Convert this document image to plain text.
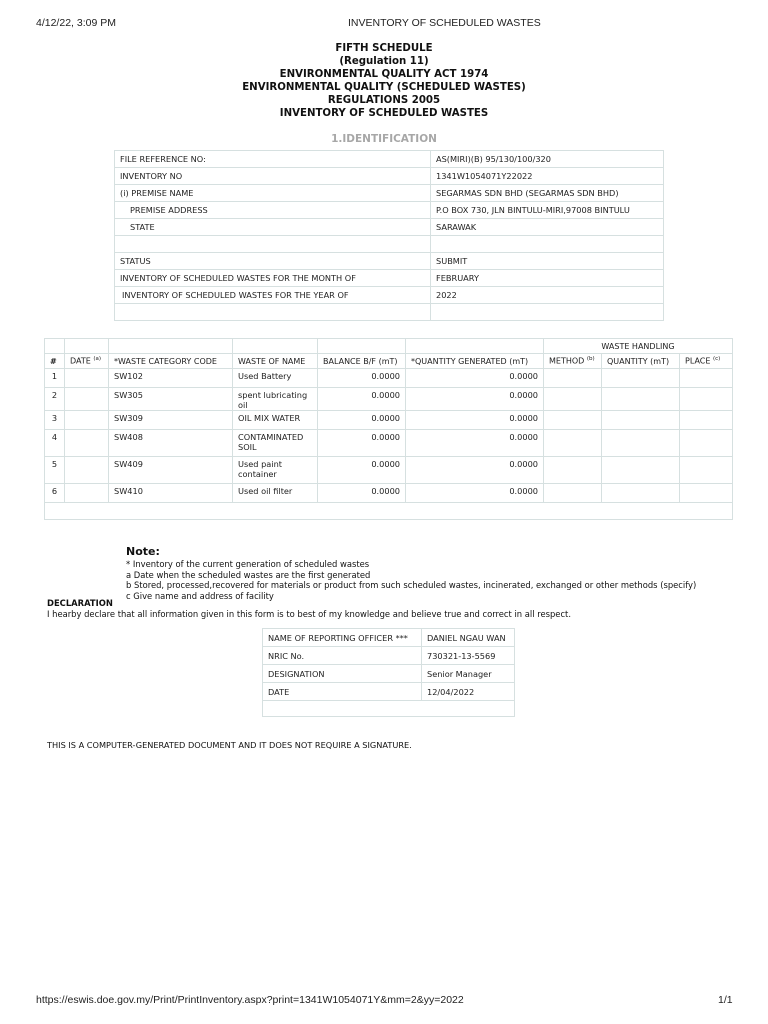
4/12/22, 3:09 PM	INVENTORY OF SCHEDULED WASTES
FIFTH SCHEDULE
(Regulation 11)
ENVIRONMENTAL QUALITY ACT 1974
ENVIRONMENTAL QUALITY (SCHEDULED WASTES)
REGULATIONS 2005
INVENTORY OF SCHEDULED WASTES
1.IDENTIFICATION
FILE REFERENCE NO:	AS(MIRI)(B) 95/130/100/320
INVENTORY NO	1341W1054071Y22022
(i) PREMISE NAME	SEGARMAS SDN BHD (SEGARMAS SDN BHD)
PREMISE ADDRESS	P.O BOX 730, JLN BINTULU-MIRI,97008 BINTULU
STATE	SARAWAK

STATUS	SUBMIT
INVENTORY OF SCHEDULED WASTES FOR THE MONTH OF	FEBRUARY
INVENTORY OF SCHEDULED WASTES FOR THE YEAR OF	2022

						WASTE HANDLING		
#	DATE $^{(a)}$	*WASTE CATEGORY CODE	WASTE OF NAME	BALANCE B/F (mT)	*QUANTITY GENERATED (mT)	METHOD $^{(b)}$	QUANTITY (mT)	PLACE $^{(c)}$
1		SW102	Used Battery	0.0000	0.0000			
2		SW305	spent lubricating oil	0.0000	0.0000			
3		SW309	OIL MIX WATER	0.0000	0.0000			
4		SW408	CONTAMINATED
SOIL	0.0000	0.0000			
5		SW409	Used paint
container	0.0000	0.0000			
6		SW410	Used oil filter	0.0000	0.0000			

Note:
* Inventory of the current generation of scheduled wastes
a Date when the scheduled wastes are the first generated
b Stored, processed,recovered for materials or product from such scheduled wastes, incinerated, exchanged or other methods (specify)
c Give name and address of facility
DECLARATION
I hearby declare that all information given in this form is to best of my knowledge and believe true and correct in all respect.
NAME OF REPORTING OFFICER ***	DANIEL NGAU WAN
NRIC No.	730321-13-5569
DESIGNATION	Senior Manager
DATE	12/04/2022

THIS IS A COMPUTER-GENERATED DOCUMENT AND IT DOES NOT REQUIRE A SIGNATURE.
https://eswis.doe.gov.my/Print/PrintInventory.aspx?print=1341W1054071Y&mm=2&yy=2022	1/1
